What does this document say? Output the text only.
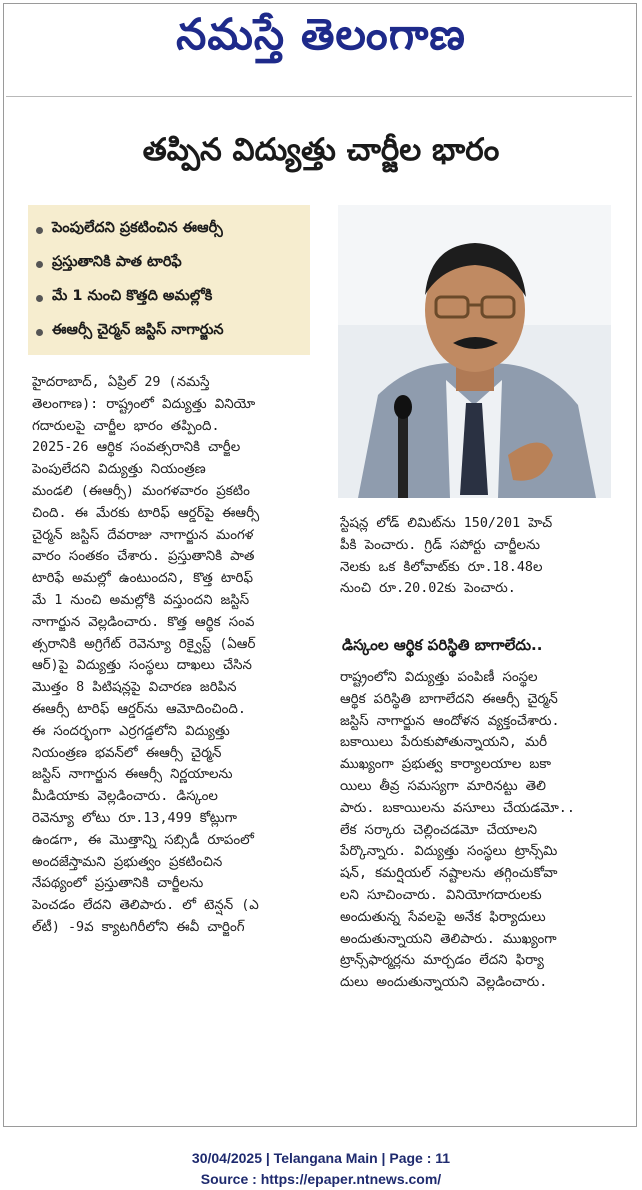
నమస్తే తెలంగాణ
తప్పిన విద్యుత్తు చార్జీల భారం
పెంపులేదని ప్రకటించిన ఈఆర్సీ
ప్రస్తుతానికి పాత టారిఫే
మే 1 నుంచి కొత్తది అమల్లోకి
ఈఆర్సీ చైర్మన్ జస్టిస్ నాగార్జున

హైదరాబాద్, ఏప్రిల్ 29 (నమస్తే

తెలంగాణ): రాష్ట్రంలో విద్యుత్తు వినియో

గదారులపై చార్జీల భారం తప్పింది.

2025-26 ఆర్థిక సంవత్సరానికి చార్జీల

పెంపులేదని విద్యుత్తు నియంత్రణ

మండలి (ఈఆర్సీ) మంగళవారం ప్రకటిం

చింది. ఈ మేరకు టారిఫ్ ఆర్డర్‌పై ఈఆర్సీ

చైర్మన్ జస్టిస్ దేవరాజు నాగార్జున మంగళ

వారం సంతకం చేశారు. ప్రస్తుతానికి పాత

టారిఫే అమల్లో ఉంటుందని, కొత్త టారిఫ్

మే 1 నుంచి అమల్లోకి వస్తుందని జస్టిస్

నాగార్జున వెల్లడించారు. కొత్త ఆర్థిక సంవ

త్సరానికి అగ్రిగేట్ రెవెన్యూ రిక్వైస్ట్ (ఏఆర్

ఆర్)పై విద్యుత్తు సంస్థలు దాఖలు చేసిన

మొత్తం 8 పిటిషన్లపై విచారణ జరిపిన

ఈఆర్సీ టారిఫ్ ఆర్డర్‌ను ఆమోదించింది.

ఈ సందర్భంగా ఎర్రగడ్డలోని విద్యుత్తు

నియంత్రణ భవన్‌లో ఈఆర్సీ చైర్మన్

జస్టిస్ నాగార్జున ఈఆర్సీ నిర్ణయాలను

మీడియాకు వెల్లడించారు. డిస్కంల

రెవెన్యూ లోటు రూ.13,499 కోట్లుగా

ఉండగా, ఈ మొత్తాన్ని సబ్సిడీ రూపంలో

అందజేస్తామని ప్రభుత్వం ప్రకటించిన

నేపథ్యంలో ప్రస్తుతానికి చార్జీలను

పెంచడం లేదని తెలిపారు. లో టెన్షన్ (ఎ

ల్‌టీ) -9వ క్యాటగిరీలోని ఈవీ చార్జింగ్

స్టేషన్ల లోడ్ లిమిట్‌ను 150/201 హెచ్

పీకి పెంచారు. గ్రిడ్ సపోర్టు చార్జీలను

నెలకు ఒక కిలోవాట్‌కు రూ.18.48ల

నుంచి రూ.20.02కు పెంచారు.

డిస్కంల ఆర్థిక పరిస్థితి బాగాలేదు..

రాష్ట్రంలోని విద్యుత్తు పంపిణీ సంస్థల

ఆర్థిక పరిస్థితి బాగాలేదని ఈఆర్సీ చైర్మన్

జస్టిస్ నాగార్జున ఆందోళన వ్యక్తంచేశారు.

బకాయిలు పేరుకుపోతున్నాయని, మరీ

ముఖ్యంగా ప్రభుత్వ కార్యాలయాల బకా

యిలు తీవ్ర సమస్యగా మారినట్టు తెలి

పారు. బకాయిలను వసూలు చేయడమో..

లేక సర్కారు చెల్లించడమో చేయాలని

పేర్కొన్నారు. విద్యుత్తు సంస్థలు ట్రాన్స్‌మి

షన్, కమర్షియల్ నష్టాలను తగ్గించుకోవా

లని సూచించారు. వినియోగదారులకు

అందుతున్న సేవలపై అనేక ఫిర్యాదులు

అందుతున్నాయని తెలిపారు. ముఖ్యంగా

ట్రాన్స్‌ఫార్మర్లను మార్చడం లేదని ఫిర్యా

దులు అందుతున్నాయని వెల్లడించారు.

30/04/2025 | Telangana Main | Page : 11
Source : https://epaper.ntnews.com/
